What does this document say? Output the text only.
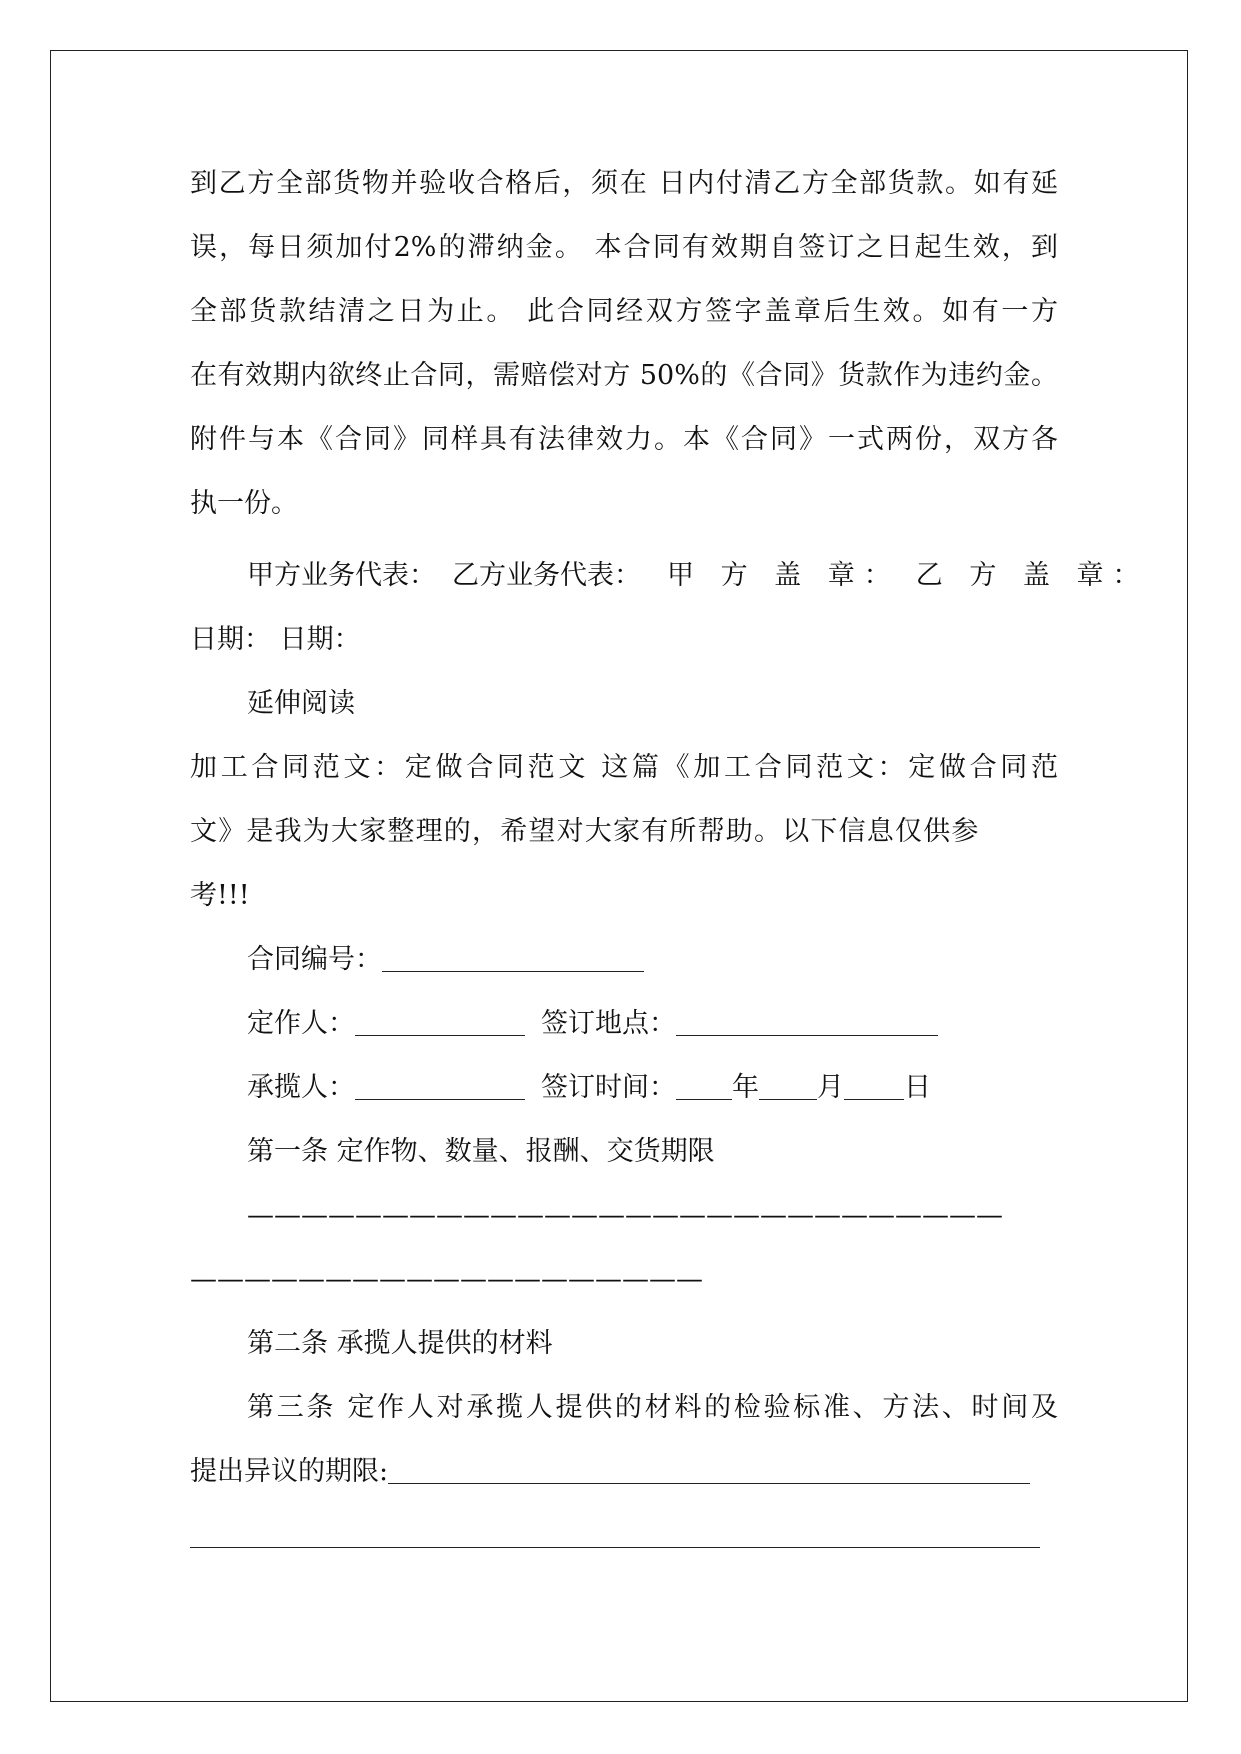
到乙方全部货物并验收合格后，须在 日内付清乙方全部货款。如有延
误，每日须加付2%的滞纳金。 本合同有效期自签订之日起生效，到
全部货款结清之日为止。 此合同经双方签字盖章后生效。如有一方
在有效期内欲终止合同，需赔偿对方 50%的《合同》货款作为违约金。
附件与本《合同》同样具有法律效力。本《合同》一式两份，双方各
执一份。
甲方业务代表： 乙方业务代表： 甲 方 盖 章： 乙 方 盖 章：
日期： 日期：
延伸阅读
加工合同范文：定做合同范文 这篇《加工合同范文：定做合同范
文》是我为大家整理的，希望对大家有所帮助。以下信息仅供参
考!!!
合同编号：
定作人：	签订地点：
承揽人：	签订时间： 年 月 日
第一条 定作物、数量、报酬、交货期限
————————————————————————————
———————————————————
第二条 承揽人提供的材料
第三条 定作人对承揽人提供的材料的检验标准、方法、时间及
提出异议的期限:
